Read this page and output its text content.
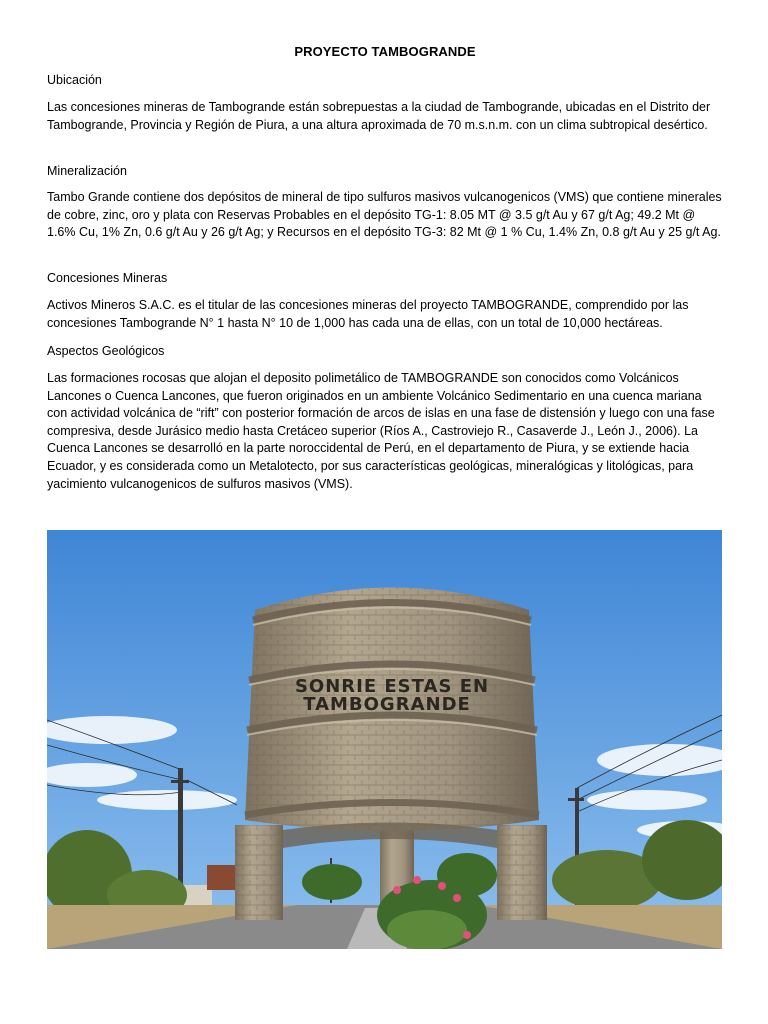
PROYECTO TAMBOGRANDE
Ubicación
Las concesiones mineras de Tambogrande están sobrepuestas a la ciudad de Tambogrande, ubicadas en el Distrito der Tambogrande, Provincia y Región de Piura, a una altura aproximada de 70 m.s.n.m. con un clima subtropical desértico.
Mineralización
Tambo Grande contiene dos depósitos de mineral de tipo sulfuros masivos vulcanogenicos (VMS) que contiene minerales de cobre, zinc, oro y plata con Reservas Probables en el depósito TG-1: 8.05 MT @ 3.5 g/t Au y 67 g/t Ag; 49.2 Mt @ 1.6% Cu, 1% Zn, 0.6 g/t Au y 26 g/t Ag; y Recursos en el depósito TG-3: 82 Mt @ 1 % Cu, 1.4% Zn, 0.8 g/t Au y 25 g/t Ag.
Concesiones Mineras
Activos Mineros S.A.C. es el titular de las concesiones mineras del proyecto TAMBOGRANDE, comprendido por las concesiones Tambogrande N° 1 hasta N° 10 de 1,000 has cada una de ellas, con un total de 10,000 hectáreas.
Aspectos Geológicos
Las formaciones rocosas que alojan el deposito polimetálico de TAMBOGRANDE son conocidos como Volcánicos Lancones o Cuenca Lancones, que fueron originados en un ambiente Volcánico Sedimentario en una cuenca mariana con actividad volcánica de “rift” con posterior formación de arcos de islas en una fase de distensión y luego con una fase compresiva, desde Jurásico medio hasta Cretáceo superior (Ríos A., Castroviejo R., Casaverde J., León J., 2006). La Cuenca Lancones se desarrolló en la parte noroccidental de Perú, en el departamento de Piura, y se extiende hacia Ecuador, y es considerada como un Metalotecto, por sus características geológicas, mineralógicas y litológicas, para yacimiento vulcanogenicos de sulfuros masivos (VMS).
SONRIE ESTAS EN
TAMBOGRANDE
